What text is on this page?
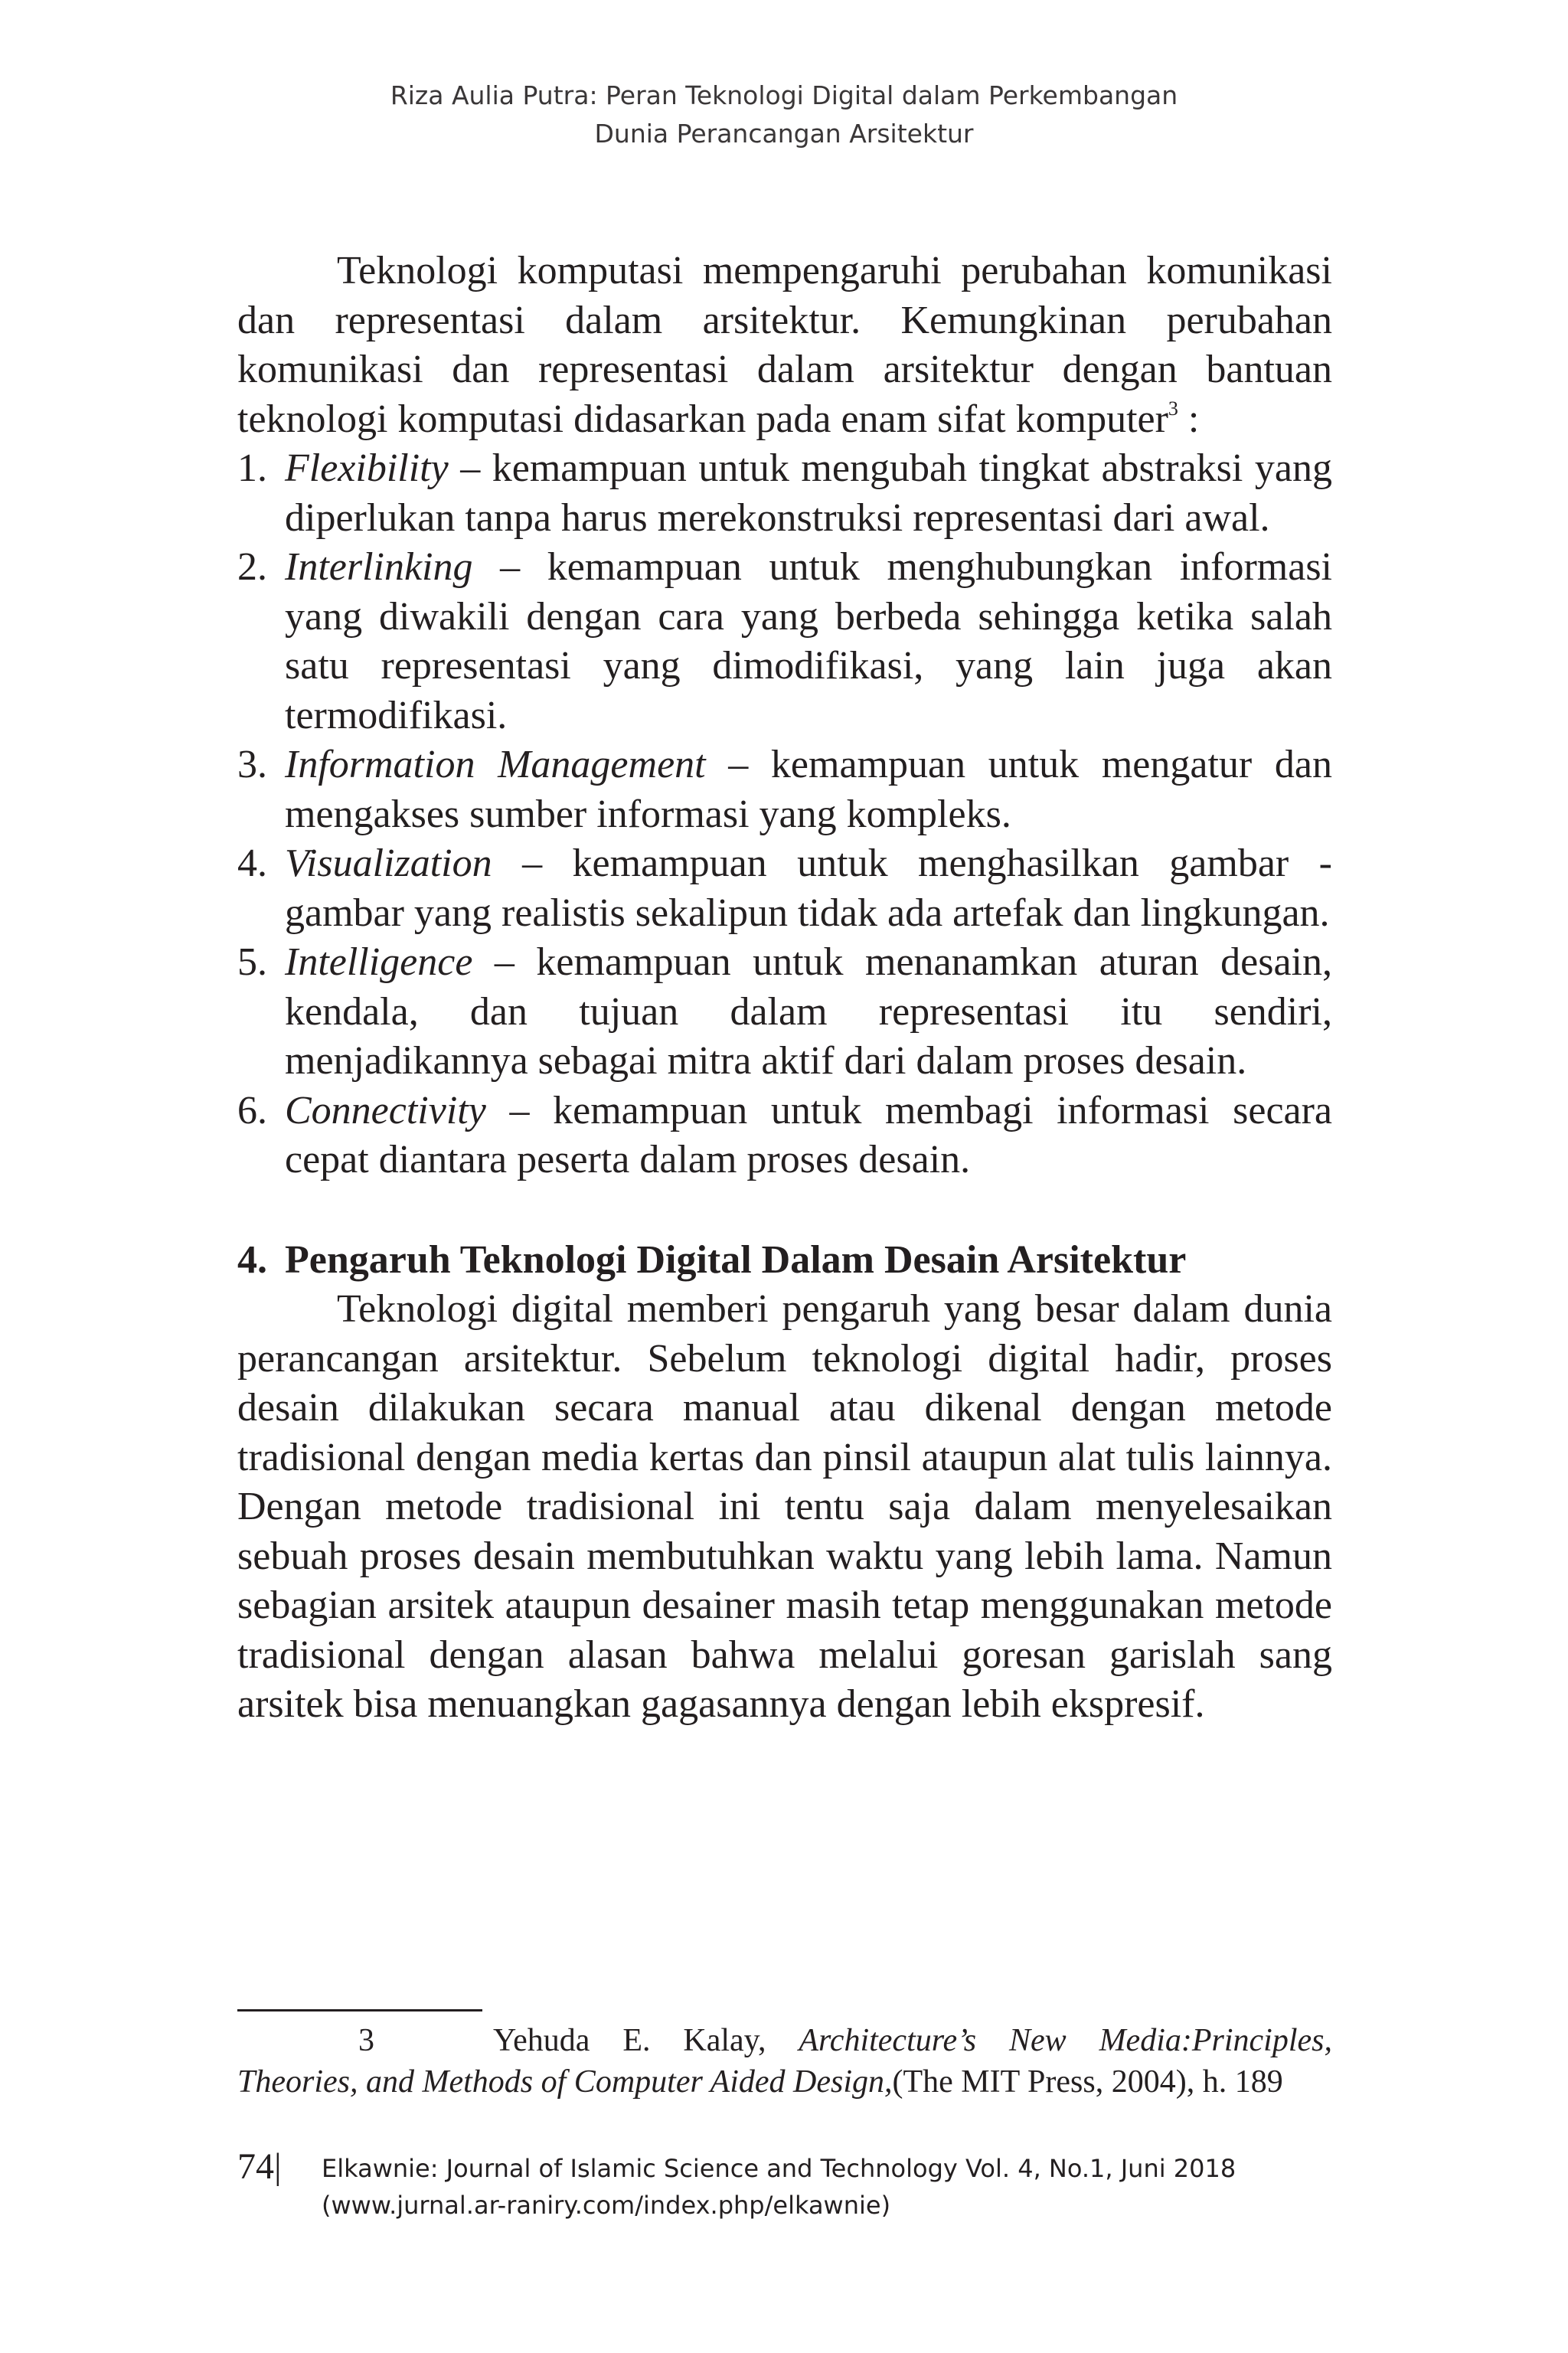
Riza Aulia Putra: Peran Teknologi Digital dalam Perkembangan
Dunia Perancangan Arsitektur

Teknologi komputasi mempengaruhi perubahan komunikasi dan representasi dalam arsitektur. Kemungkinan perubahan komunikasi dan representasi dalam arsitektur dengan bantuan teknologi komputasi didasarkan pada enam sifat komputer$^3$ :

1. Flexibility – kemampuan untuk mengubah tingkat abstraksi yang diperlukan tanpa harus merekonstruksi representasi dari awal.
2. Interlinking – kemampuan untuk menghubungkan informasi yang diwakili dengan cara yang berbeda sehingga ketika salah satu representasi yang dimodifikasi, yang lain juga akan termodifikasi.
3. Information Management – kemampuan untuk mengatur dan mengakses sumber informasi yang kompleks.
4. Visualization – kemampuan untuk menghasilkan gambar - gambar yang realistis sekalipun tidak ada artefak dan lingkungan.
5. Intelligence – kemampuan untuk menanamkan aturan desain, kendala, dan tujuan dalam representasi itu sendiri, menjadikannya sebagai mitra aktif dari dalam proses desain.
6. Connectivity – kemampuan untuk membagi informasi secara cepat diantara peserta dalam proses desain.
4. Pengaruh Teknologi Digital Dalam Desain Arsitektur

Teknologi digital memberi pengaruh yang besar dalam dunia perancangan arsitektur. Sebelum teknologi digital hadir, proses desain dilakukan secara manual atau dikenal dengan metode tradisional dengan media kertas dan pinsil ataupun alat tulis lainnya. Dengan metode tradisional ini tentu saja dalam menyelesaikan sebuah proses desain membutuhkan waktu yang lebih lama. Namun sebagian arsitek ataupun desainer masih tetap menggunakan metode tradisional dengan alasan bahwa melalui goresan garislah sang arsitek bisa menuangkan gagasannya dengan lebih ekspresif.

3	Yehuda E. Kalay, Architecture’s New Media:Principles, Theories, and Methods of Computer Aided Design,(The MIT Press, 2004), h. 189
74| Elkawnie: Journal of Islamic Science and Technology Vol. 4, No.1, Juni 2018
(www.jurnal.ar-raniry.com/index.php/elkawnie)
